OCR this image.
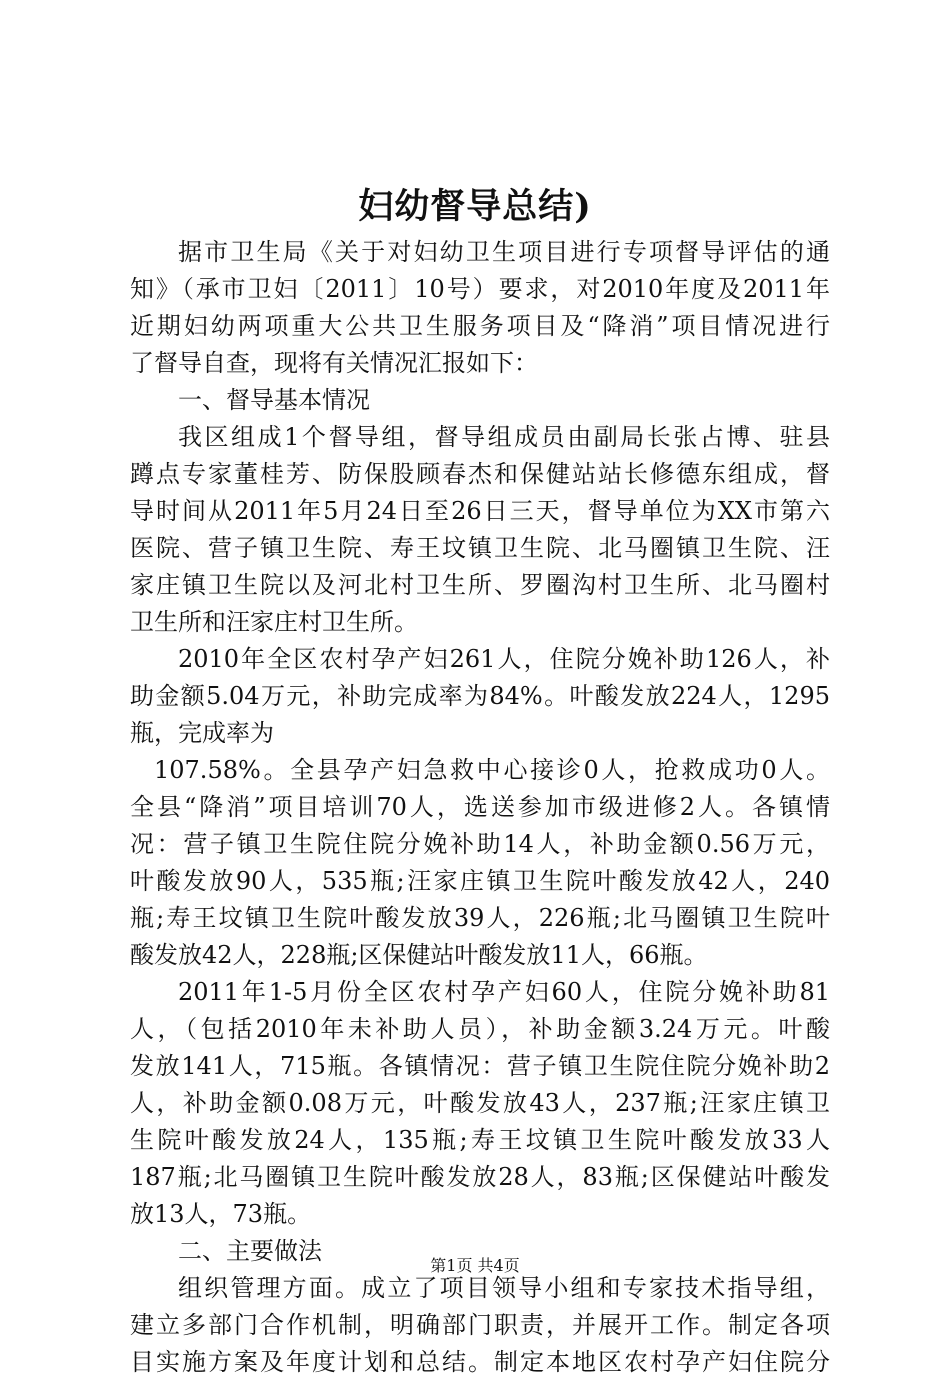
妇幼督导总结)
据市卫生局《关于对妇幼卫生项目进行专项督导评估的通
知》（承市卫妇〔2011〕10号）要求，对2010年度及2011年
近期妇幼两项重大公共卫生服务项目及“降消”项目情况进行
了督导自查，现将有关情况汇报如下：
一、督导基本情况
我区组成1个督导组，督导组成员由副局长张占博、驻县
蹲点专家董桂芳、防保股顾春杰和保健站站长修德东组成，督
导时间从2011年5月24日至26日三天，督导单位为XX市第六
医院、营子镇卫生院、寿王坟镇卫生院、北马圈镇卫生院、汪
家庄镇卫生院以及河北村卫生所、罗圈沟村卫生所、北马圈村
卫生所和汪家庄村卫生所。
2010年全区农村孕产妇261人，住院分娩补助126人，补
助金额5.04万元，补助完成率为84%。叶酸发放224人，1295
瓶，完成率为
107.58%。全县孕产妇急救中心接诊0人，抢救成功0人。
全县“降消”项目培训70人，选送参加市级进修2人。各镇情
况：营子镇卫生院住院分娩补助14人，补助金额0.56万元，
叶酸发放90人，535瓶;汪家庄镇卫生院叶酸发放42人，240
瓶;寿王坟镇卫生院叶酸发放39人，226瓶;北马圈镇卫生院叶
酸发放42人，228瓶;区保健站叶酸发放11人，66瓶。
2011年1-5月份全区农村孕产妇60人，住院分娩补助81
人，（包括2010年未补助人员），补助金额3.24万元。叶酸
发放141人，715瓶。各镇情况：营子镇卫生院住院分娩补助2
人，补助金额0.08万元，叶酸发放43人，237瓶;汪家庄镇卫
生院叶酸发放24人，135瓶;寿王坟镇卫生院叶酸发放33人
187瓶;北马圈镇卫生院叶酸发放28人，83瓶;区保健站叶酸发
放13人，73瓶。
二、主要做法
组织管理方面。成立了项目领导小组和专家技术指导组，
建立多部门合作机制，明确部门职责，并展开工作。制定各项
目实施方案及年度计划和总结。制定本地区农村孕产妇住院分
第1页 共4页
